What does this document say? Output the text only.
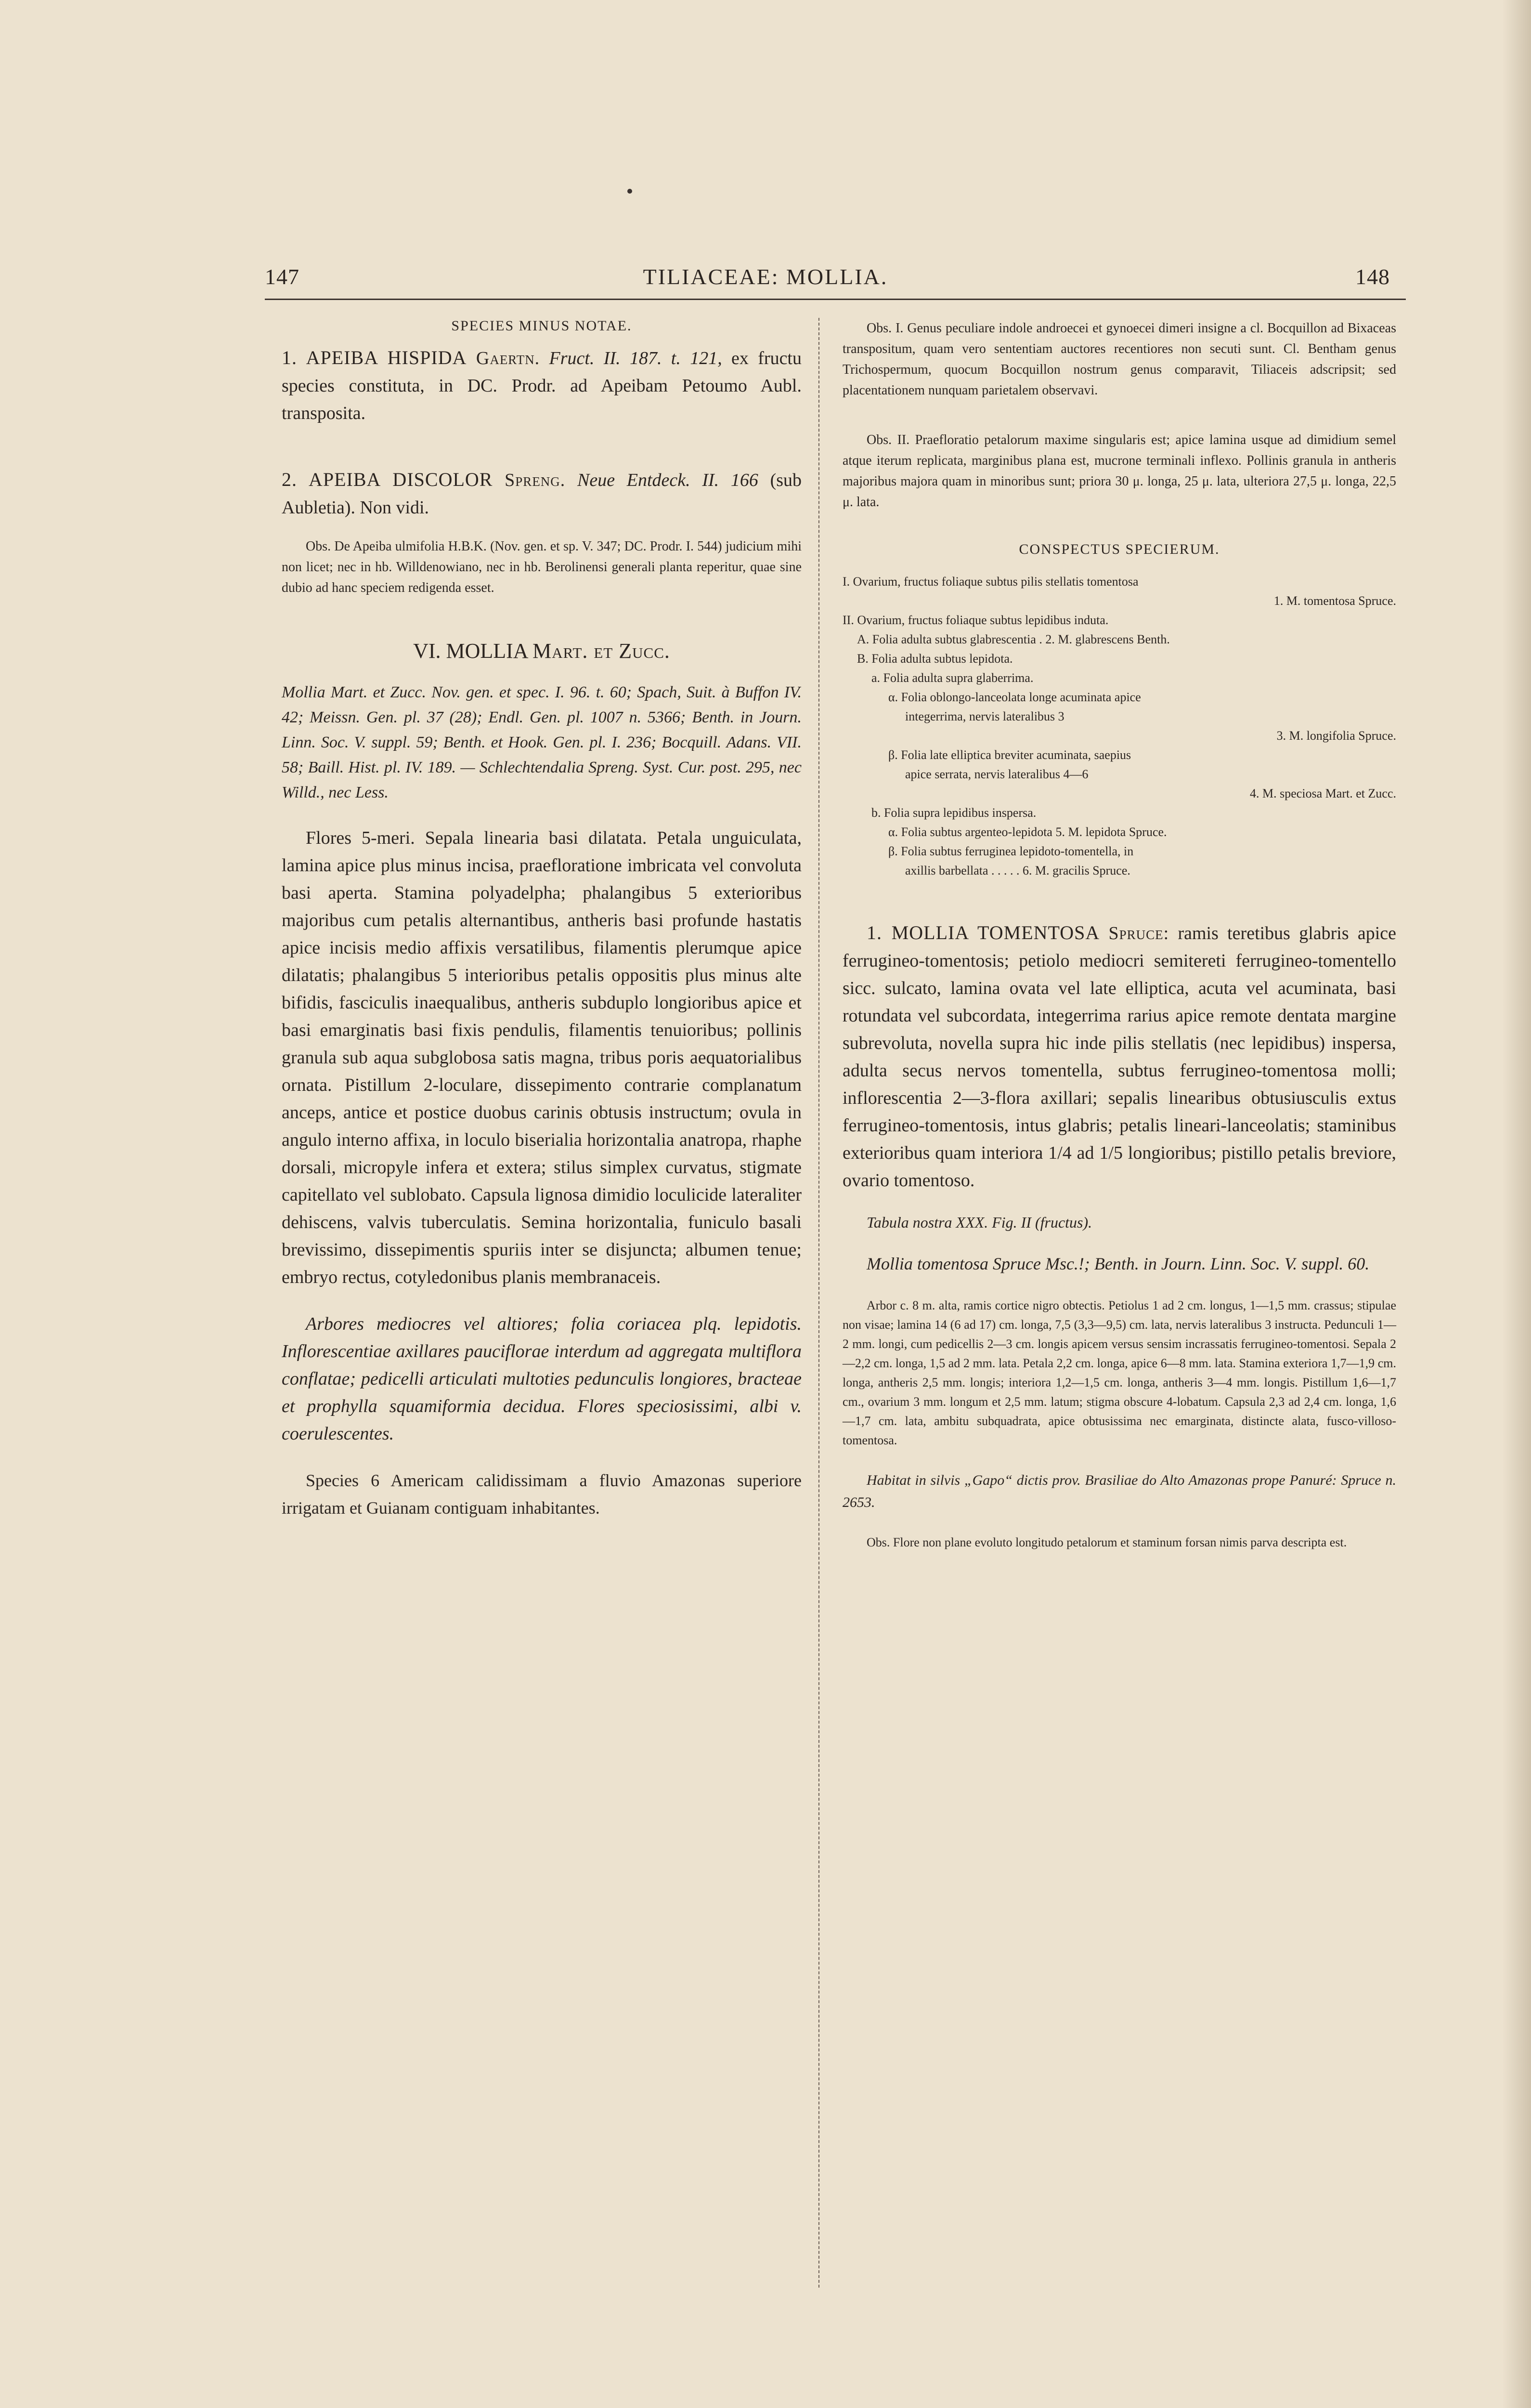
147	TILIACEAE: MOLLIA.	148

SPECIES MINUS NOTAE.

1. APEIBA HISPIDA Gaertn. Fruct. II. 187. t. 121, ex fructu species constituta, in DC. Prodr. ad Apeibam Petoumo Aubl. transposita.

2. APEIBA DISCOLOR Spreng. Neue Entdeck. II. 166 (sub Aubletia). Non vidi.

Obs. De Apeiba ulmifolia H.B.K. (Nov. gen. et sp. V. 347; DC. Prodr. I. 544) judicium mihi non licet; nec in hb. Willdenowiano, nec in hb. Berolinensi generali planta reperitur, quae sine dubio ad hanc speciem redigenda esset.

VI. MOLLIA Mart. et Zucc.

Mollia Mart. et Zucc. Nov. gen. et spec. I. 96. t. 60; Spach, Suit. à Buffon IV. 42; Meissn. Gen. pl. 37 (28); Endl. Gen. pl. 1007 n. 5366; Benth. in Journ. Linn. Soc. V. suppl. 59; Benth. et Hook. Gen. pl. I. 236; Bocquill. Adans. VII. 58; Baill. Hist. pl. IV. 189. — Schlechtendalia Spreng. Syst. Cur. post. 295, nec Willd., nec Less.

Flores 5-meri. Sepala linearia basi dilatata. Petala unguiculata, lamina apice plus minus incisa, praefloratione imbricata vel convoluta basi aperta. Stamina polyadelpha; phalangibus 5 exterioribus majoribus cum petalis alternantibus, antheris basi profunde hastatis apice incisis medio affixis versatilibus, filamentis plerumque apice dilatatis; phalangibus 5 interioribus petalis oppositis plus minus alte bifidis, fasciculis inaequalibus, antheris subduplo longioribus apice et basi emarginatis basi fixis pendulis, filamentis tenuioribus; pollinis granula sub aqua subglobosa satis magna, tribus poris aequatorialibus ornata. Pistillum 2-loculare, dissepimento contrarie complanatum anceps, antice et postice duobus carinis obtusis instructum; ovula in angulo interno affixa, in loculo biserialia horizontalia anatropa, rhaphe dorsali, micropyle infera et extera; stilus simplex curvatus, stigmate capitellato vel sublobato. Capsula lignosa dimidio loculicide lateraliter dehiscens, valvis tuberculatis. Semina horizontalia, funiculo basali brevissimo, dissepimentis spuriis inter se disjuncta; albumen tenue; embryo rectus, cotyledonibus planis membranaceis.

Arbores mediocres vel altiores; folia coriacea plq. lepidotis. Inflorescentiae axillares pauciflorae interdum ad aggregata multiflora conflatae; pedicelli articulati multoties pedunculis longiores, bracteae et prophylla squamiformia decidua. Flores speciosissimi, albi v. coerulescentes.

Species 6 Americam calidissimam a fluvio Amazonas superiore irrigatam et Guianam contiguam inhabitantes.

Obs. I. Genus peculiare indole androecei et gynoecei dimeri insigne a cl. Bocquillon ad Bixaceas transpositum, quam vero sententiam auctores recentiores non secuti sunt. Cl. Bentham genus Trichospermum, quocum Bocquillon nostrum genus comparavit, Tiliaceis adscripsit; sed placentationem nunquam parietalem observavi.

Obs. II. Praefloratio petalorum maxime singularis est; apice lamina usque ad dimidium semel atque iterum replicata, marginibus plana est, mucrone terminali inflexo. Pollinis granula in antheris majoribus majora quam in minoribus sunt; priora 30 μ. longa, 25 μ. lata, ulteriora 27,5 μ. longa, 22,5 μ. lata.

CONSPECTUS SPECIERUM.

I. Ovarium, fructus foliaque subtus pilis stellatis tomentosa
1. M. tomentosa Spruce.
II. Ovarium, fructus foliaque subtus lepidibus induta.
A. Folia adulta subtus glabrescentia . 2. M. glabrescens Benth.
B. Folia adulta subtus lepidota.
a. Folia adulta supra glaberrima.
α. Folia oblongo-lanceolata longe acuminata apice
integerrima, nervis lateralibus 3
3. M. longifolia Spruce.
β. Folia late elliptica breviter acuminata, saepius
apice serrata, nervis lateralibus 4—6
4. M. speciosa Mart. et Zucc.
b. Folia supra lepidibus inspersa.
α. Folia subtus argenteo-lepidota 5. M. lepidota Spruce.
β. Folia subtus ferruginea lepidoto-tomentella, in
axillis barbellata . . . . . 6. M. gracilis Spruce.

1. MOLLIA TOMENTOSA Spruce: ramis teretibus glabris apice ferrugineo-tomentosis; petiolo mediocri semitereti ferrugineo-tomentello sicc. sulcato, lamina ovata vel late elliptica, acuta vel acuminata, basi rotundata vel subcordata, integerrima rarius apice remote dentata margine subrevoluta, novella supra hic inde pilis stellatis (nec lepidibus) inspersa, adulta secus nervos tomentella, subtus ferrugineo-tomentosa molli; inflorescentia 2—3-flora axillari; sepalis linearibus obtusiusculis extus ferrugineo-tomentosis, intus glabris; petalis lineari-lanceolatis; staminibus exterioribus quam interiora 1/4 ad 1/5 longioribus; pistillo petalis breviore, ovario tomentoso.

Tabula nostra XXX. Fig. II (fructus).

Mollia tomentosa Spruce Msc.!; Benth. in Journ. Linn. Soc. V. suppl. 60.

Arbor c. 8 m. alta, ramis cortice nigro obtectis. Petiolus 1 ad 2 cm. longus, 1—1,5 mm. crassus; stipulae non visae; lamina 14 (6 ad 17) cm. longa, 7,5 (3,3—9,5) cm. lata, nervis lateralibus 3 instructa. Pedunculi 1—2 mm. longi, cum pedicellis 2—3 cm. longis apicem versus sensim incrassatis ferrugineo-tomentosi. Sepala 2—2,2 cm. longa, 1,5 ad 2 mm. lata. Petala 2,2 cm. longa, apice 6—8 mm. lata. Stamina exteriora 1,7—1,9 cm. longa, antheris 2,5 mm. longis; interiora 1,2—1,5 cm. longa, antheris 3—4 mm. longis. Pistillum 1,6—1,7 cm., ovarium 3 mm. longum et 2,5 mm. latum; stigma obscure 4-lobatum. Capsula 2,3 ad 2,4 cm. longa, 1,6—1,7 cm. lata, ambitu subquadrata, apice obtusissima nec emarginata, distincte alata, fusco-villoso-tomentosa.

Habitat in silvis „Gapo“ dictis prov. Brasiliae do Alto Amazonas prope Panuré: Spruce n. 2653.

Obs. Flore non plane evoluto longitudo petalorum et staminum forsan nimis parva descripta est.
